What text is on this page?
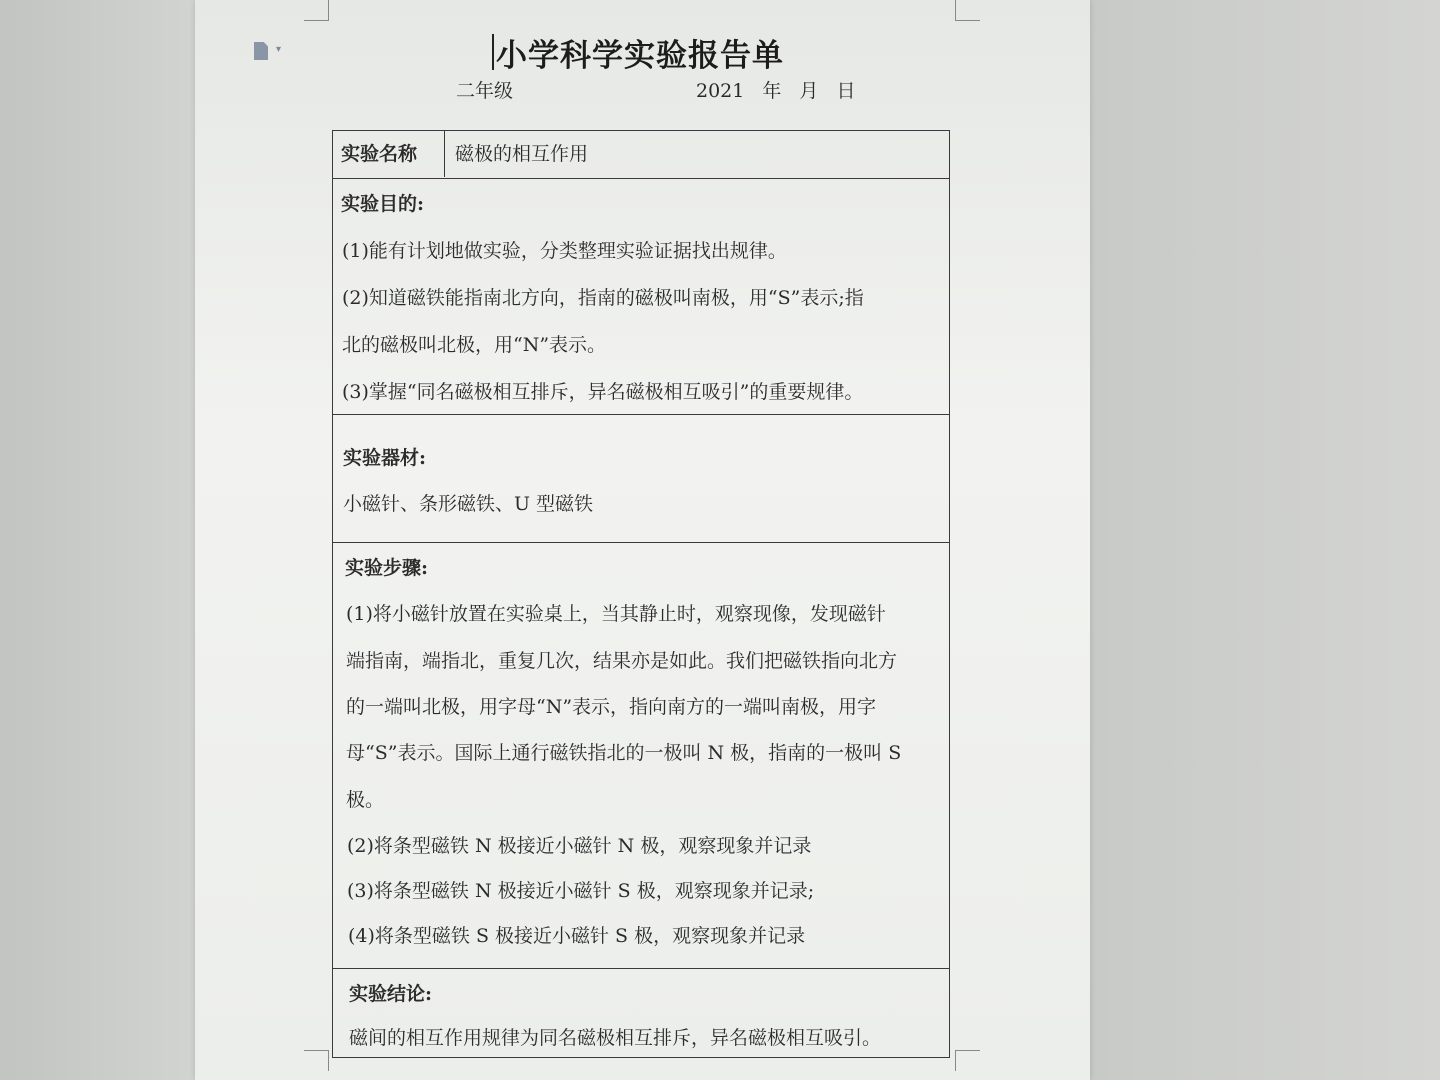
▾	小学科学实验报告单
二年级	2021 年 月 日
实验名称	磁极的相互作用
实验目的:
(1)能有计划地做实验，分类整理实验证据找出规律。
(2)知道磁铁能指南北方向，指南的磁极叫南极，用“S”表示;指
北的磁极叫北极，用“N”表示。
(3)掌握“同名磁极相互排斥，异名磁极相互吸引”的重要规律。
实验器材:
小磁针、条形磁铁、U 型磁铁
实验步骤:
(1)将小磁针放置在实验桌上，当其静止时，观察现像，发现磁针
端指南，端指北，重复几次，结果亦是如此。我们把磁铁指向北方
的一端叫北极，用字母“N”表示，指向南方的一端叫南极，用字
母“S”表示。国际上通行磁铁指北的一极叫 N 极，指南的一极叫 S
极。
(2)将条型磁铁 N 极接近小磁针 N 极，观察现象并记录
(3)将条型磁铁 N 极接近小磁针 S 极，观察现象并记录;
(4)将条型磁铁 S 极接近小磁针 S 极，观察现象并记录
实验结论:
磁间的相互作用规律为同名磁极相互排斥，异名磁极相互吸引。
